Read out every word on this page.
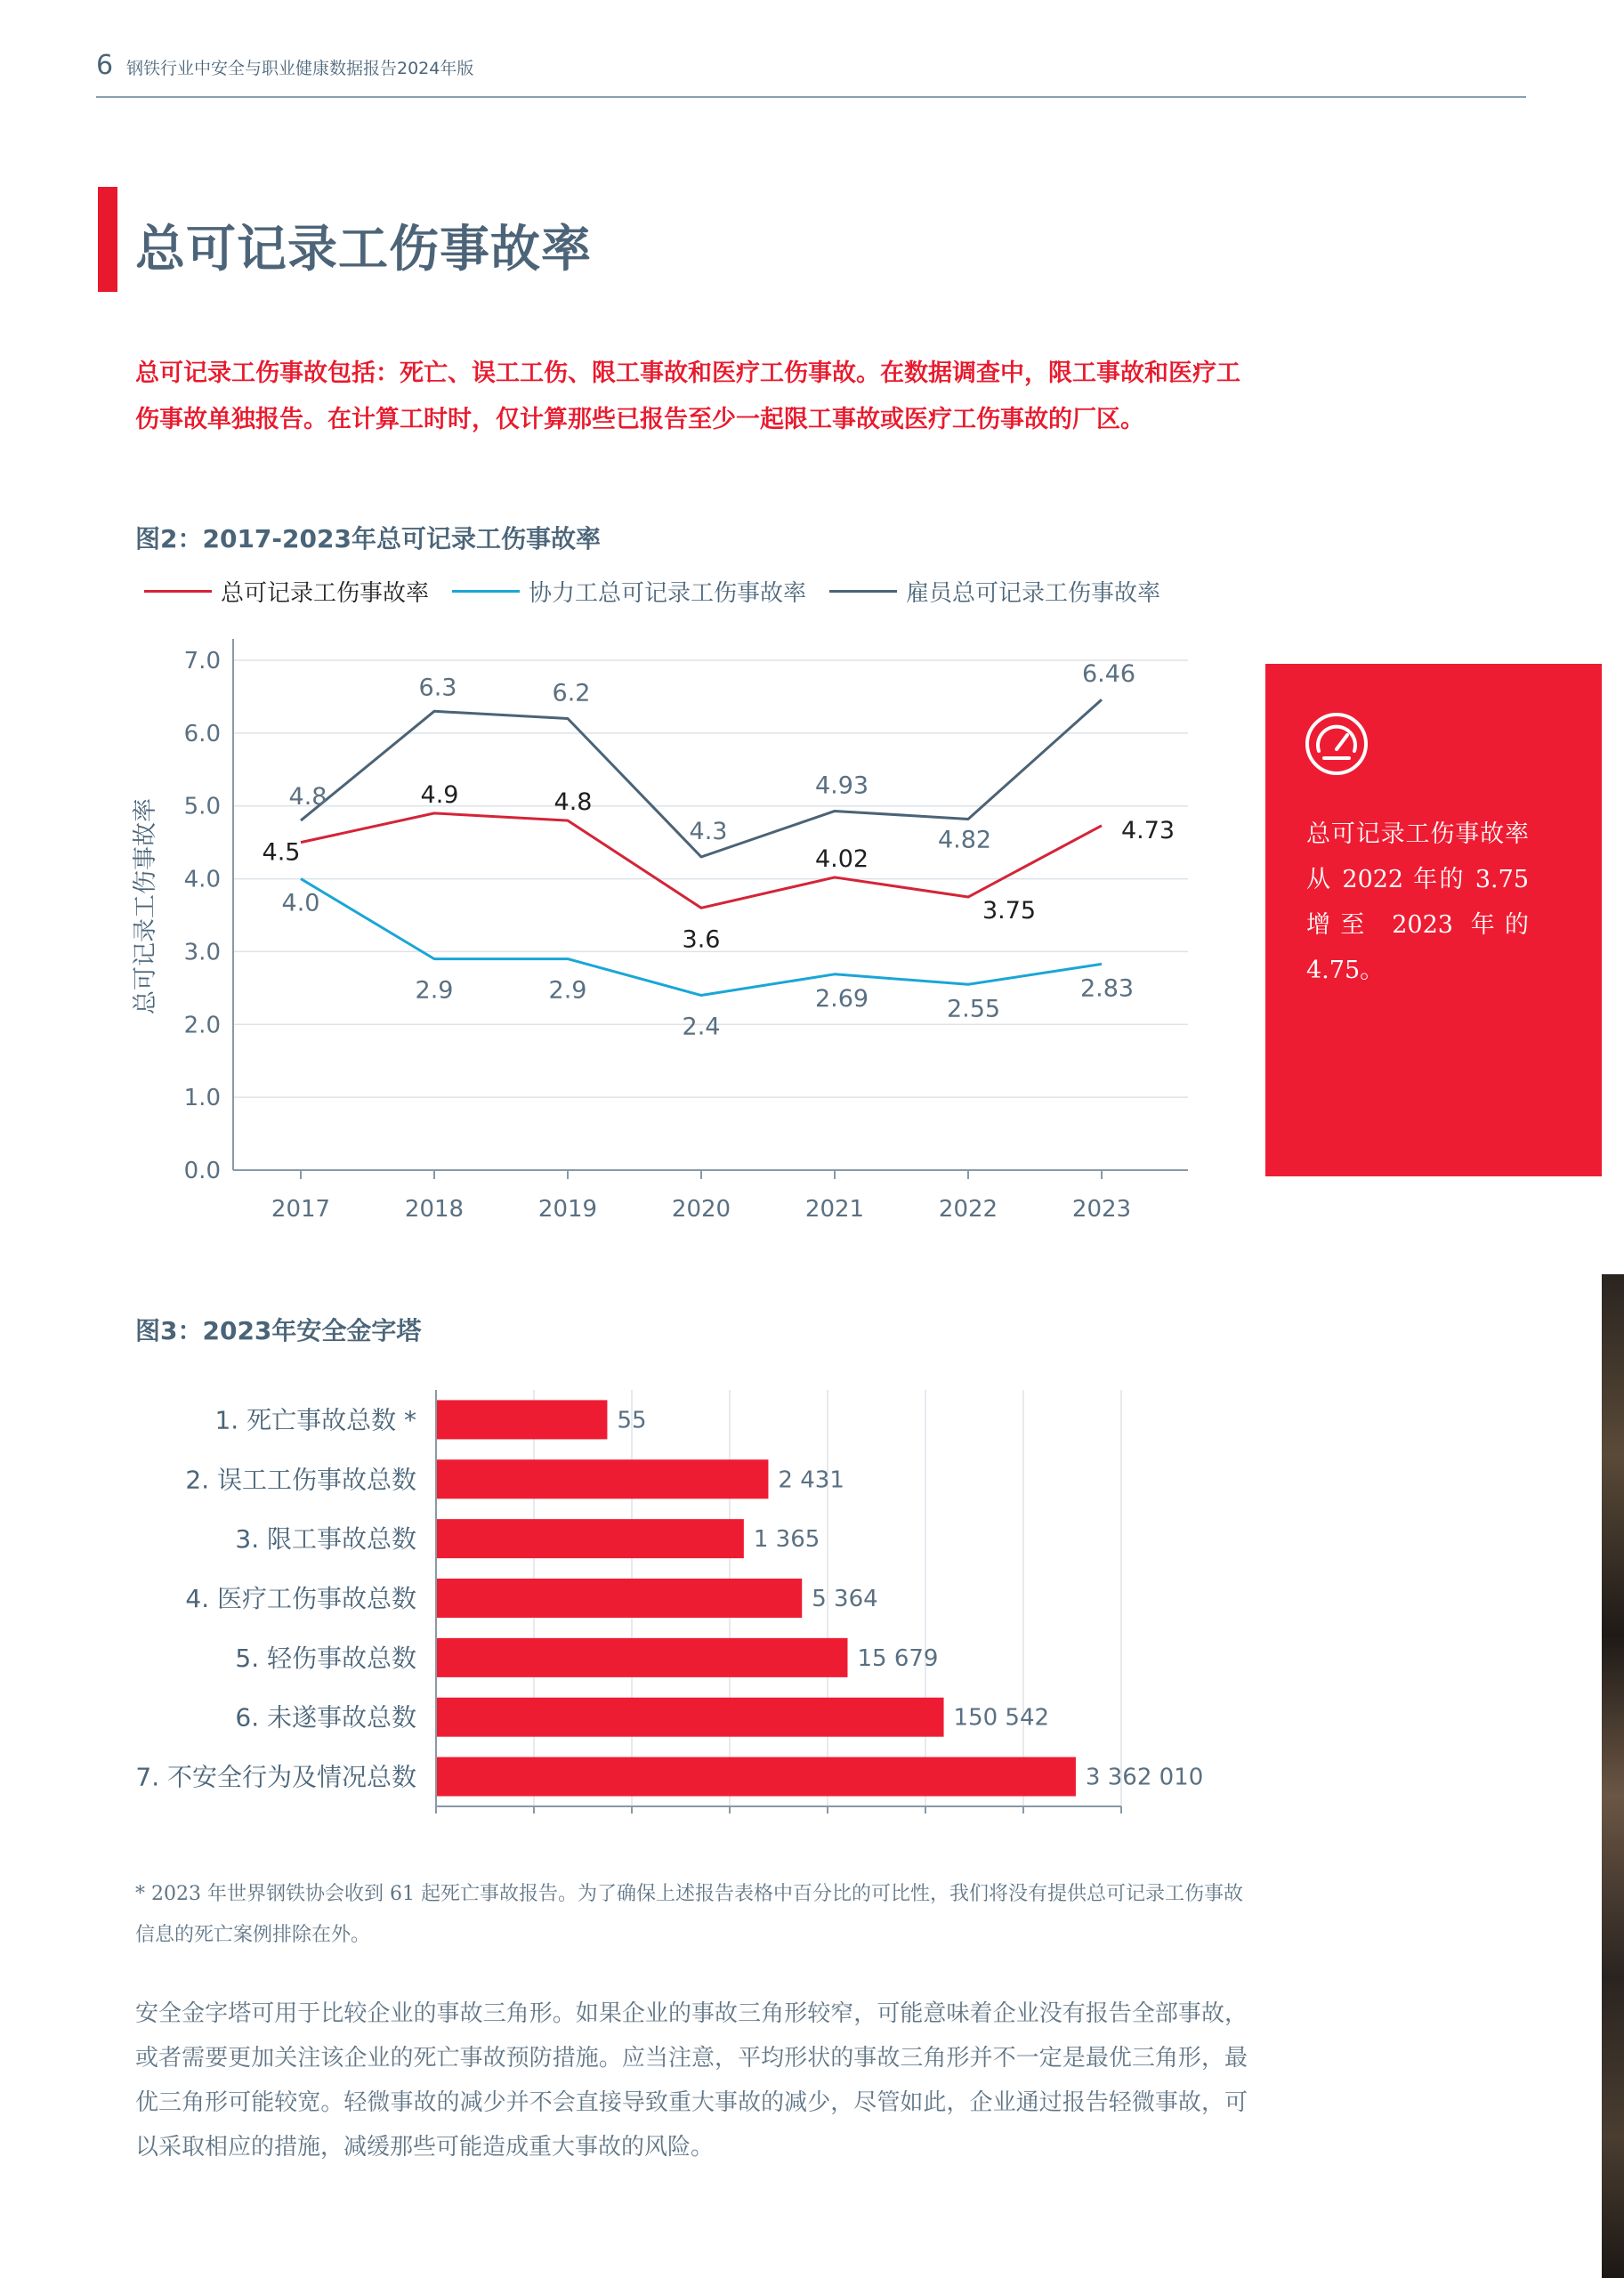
6 钢铁行业中安全与职业健康数据报告2024年版
总可记录工伤事故率
总可记录工伤事故包括：死亡、误工工伤、限工事故和医疗工伤事故。在数据调查中，限工事故和医疗工伤事故单独报告。在计算工时时，仅计算那些已报告至少一起限工事故或医疗工伤事故的厂区。
图2：2017-2023年总可记录工伤事故率
总可记录工伤事故率	协力工总可记录工伤事故率	雇员总可记录工伤事故率
0.0
1.0
2.0
3.0
4.0
5.0
6.0
7.0
2017	2018	2019	2020	2021	2022	2023
总可记录工伤事故率	4.5
4.9	4.8
3.6
4.02
3.75
4.73
4.0
2.9	2.9
2.4
2.69	2.55
2.83
4.8
6.3	6.2
4.3
4.93
4.82
6.46
总可记录工伤事故率从 2022 年的 3.75 增至 2023 年的 4.75。
图3：2023年安全金字塔
1. 死亡事故总数 *	55
2. 误工工伤事故总数	2 431
3. 限工事故总数	1 365
4. 医疗工伤事故总数	5 364
5. 轻伤事故总数	15 679
6. 未遂事故总数	150 542
7. 不安全行为及情况总数	3 362 010
* 2023 年世界钢铁协会收到 61 起死亡事故报告。为了确保上述报告表格中百分比的可比性，我们将没有提供总可记录工伤事故信息的死亡案例排除在外。
安全金字塔可用于比较企业的事故三角形。如果企业的事故三角形较窄，可能意味着企业没有报告全部事故，或者需要更加关注该企业的死亡事故预防措施。应当注意，平均形状的事故三角形并不一定是最优三角形，最优三角形可能较宽。轻微事故的减少并不会直接导致重大事故的减少，尽管如此，企业通过报告轻微事故，可以采取相应的措施，减缓那些可能造成重大事故的风险。
